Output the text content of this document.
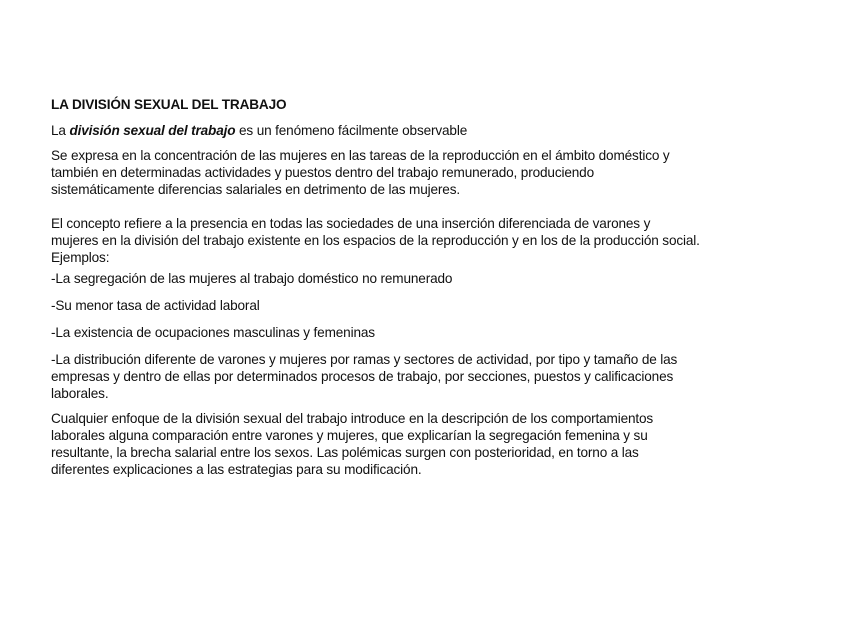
LA DIVISIÓN SEXUAL DEL TRABAJO

La división sexual del trabajo es un fenómeno fácilmente observable

Se expresa en la concentración de las mujeres en las tareas de la reproducción en el ámbito doméstico y
también en determinadas actividades y puestos dentro del trabajo remunerado, produciendo
sistemáticamente diferencias salariales en detrimento de las mujeres.

El concepto refiere a la presencia en todas las sociedades de una inserción diferenciada de varones y
mujeres en la división del trabajo existente en los espacios de la reproducción y en los de la producción social.
Ejemplos:

-La segregación de las mujeres al trabajo doméstico no remunerado

-Su menor tasa de actividad laboral

-La existencia de ocupaciones masculinas y femeninas

-La distribución diferente de varones y mujeres por ramas y sectores de actividad, por tipo y tamaño de las
empresas y dentro de ellas por determinados procesos de trabajo, por secciones, puestos y calificaciones
laborales.

Cualquier enfoque de la división sexual del trabajo introduce en la descripción de los comportamientos
laborales alguna comparación entre varones y mujeres, que explicarían la segregación femenina y su
resultante, la brecha salarial entre los sexos. Las polémicas surgen con posterioridad, en torno a las
diferentes explicaciones a las estrategias para su modificación.
